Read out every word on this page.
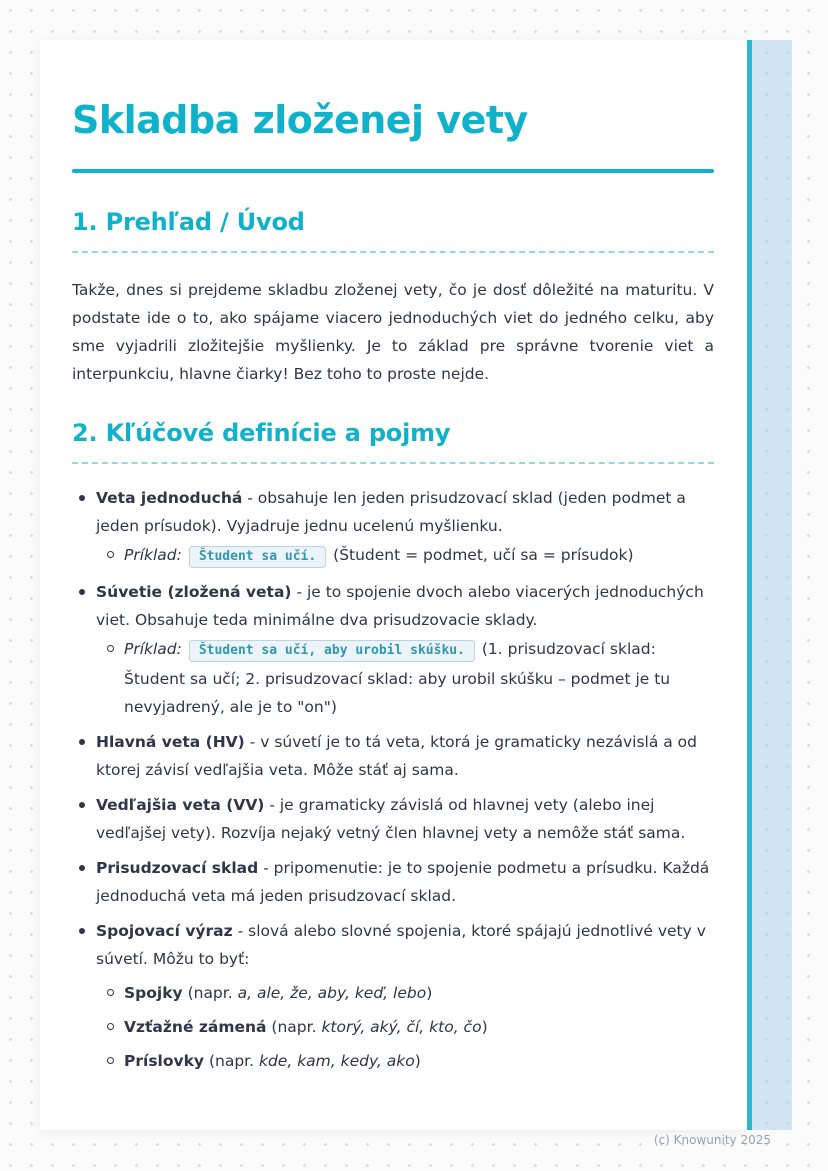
Skladba zloženej vety
1. Prehľad / Úvod

Takže, dnes si prejdeme skladbu zloženej vety, čo je dosť dôležité na maturitu. V podstate ide o to, ako spájame viacero jednoduchých viet do jedného celku, aby sme vyjadrili zložitejšie myšlienky. Je to základ pre správne tvorenie viet a interpunkciu, hlavne čiarky! Bez toho to proste nejde.

2. Kľúčové definície a pojmy
Veta jednoduchá - obsahuje len jeden prisudzovací sklad (jeden podmet a jeden prísudok). Vyjadruje jednu ucelenú myšlienku.
Príklad: Študent sa učí. (Študent = podmet, učí sa = prísudok)
Súvetie (zložená veta) - je to spojenie dvoch alebo viacerých jednoduchých viet. Obsahuje teda minimálne dva prisudzovacie sklady.
Príklad: Študent sa učí, aby urobil skúšku. (1. prisudzovací sklad: Študent sa učí; 2. prisudzovací sklad: aby urobil skúšku – podmet je tu nevyjadrený, ale je to "on")
Hlavná veta (HV) - v súvetí je to tá veta, ktorá je gramaticky nezávislá a od ktorej závisí vedľajšia veta. Môže stáť aj sama.
Vedľajšia veta (VV) - je gramaticky závislá od hlavnej vety (alebo inej vedľajšej vety). Rozvíja nejaký vetný člen hlavnej vety a nemôže stáť sama.
Prisudzovací sklad - pripomenutie: je to spojenie podmetu a prísudku. Každá jednoduchá veta má jeden prisudzovací sklad.
Spojovací výraz - slová alebo slovné spojenia, ktoré spájajú jednotlivé vety v súvetí. Môžu to byť:
Spojky (napr. a, ale, že, aby, keď, lebo)
Vzťažné zámená (napr. ktorý, aký, čí, kto, čo)
Príslovky (napr. kde, kam, kedy, ako)
(c) Knowunity 2025
